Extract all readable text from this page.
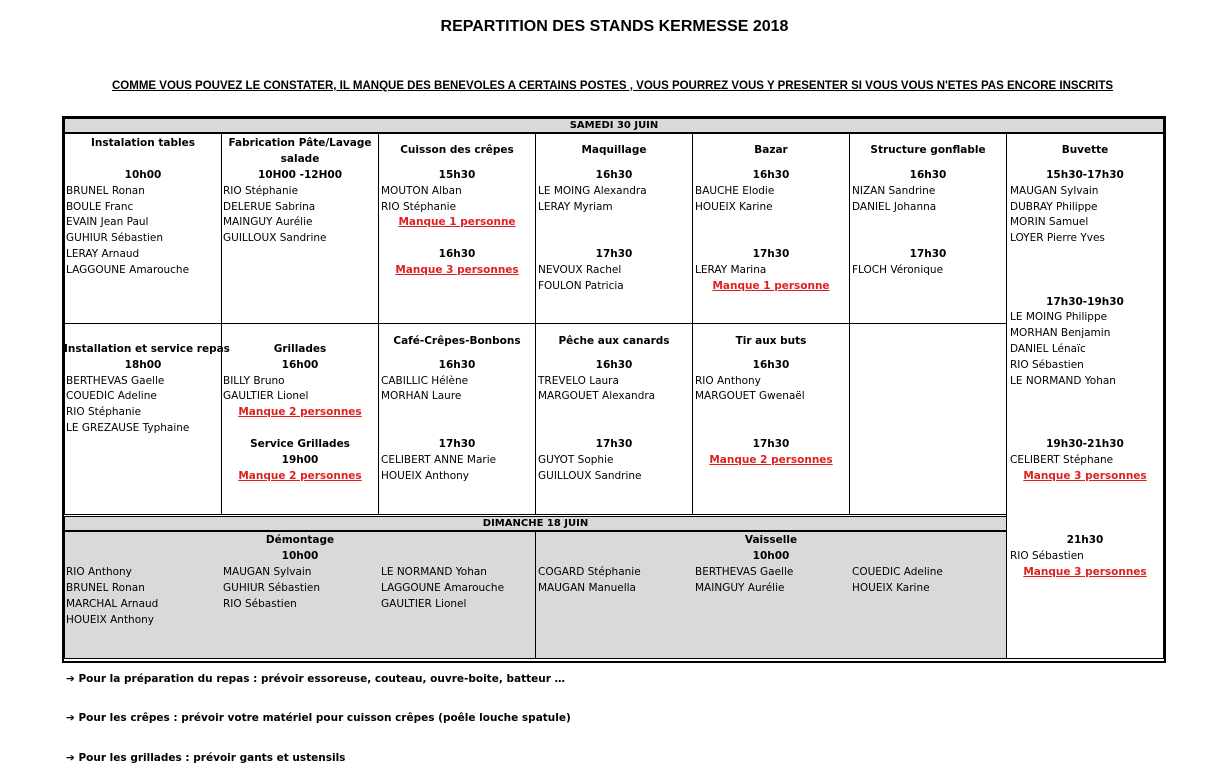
REPARTITION DES STANDS KERMESSE 2018
COMME VOUS POUVEZ LE CONSTATER, IL MANQUE DES BENEVOLES A CERTAINS POSTES , VOUS POURREZ VOUS Y PRESENTER SI VOUS VOUS N'ETES PAS ENCORE INSCRITS
SAMEDI 30 JUIN
DIMANCHE 18 JUIN
Instalation tables
10h00
BRUNEL Ronan
BOULE Franc
EVAIN Jean Paul
GUHIUR Sébastien
LERAY Arnaud
LAGGOUNE Amarouche
Fabrication Pâte/Lavage
salade
10H00 -12H00
RIO Stéphanie
DELERUE Sabrina
MAINGUY Aurélie
GUILLOUX Sandrine
Cuisson des crêpes
15h30
MOUTON Alban
RIO Stéphanie
Manque 1 personne
16h30
Manque 3 personnes
Maquillage
16h30
LE MOING Alexandra
LERAY Myriam
17h30
NEVOUX Rachel
FOULON Patricia
Bazar
16h30
BAUCHE Elodie
HOUEIX Karine
17h30
LERAY Marina
Manque 1 personne
Structure gonflable
16h30
NIZAN Sandrine
DANIEL Johanna
17h30
FLOCH Véronique
Buvette
15h30-17h30
MAUGAN Sylvain
DUBRAY Philippe
MORIN Samuel
LOYER Pierre Yves
17h30-19h30
LE MOING Philippe
MORHAN Benjamin
DANIEL Lénaïc
RIO Sébastien
LE NORMAND Yohan
19h30-21h30
CELIBERT Stéphane
Manque 3 personnes
21h30
RIO Sébastien
Manque 3 personnes
Installation et service repas
18h00
BERTHEVAS Gaelle
COUEDIC Adeline
RIO Stéphanie
LE GREZAUSE Typhaine
Grillades
16h00
BILLY Bruno
GAULTIER Lionel
Manque 2 personnes
Service Grillades
19h00
Manque 2 personnes
Café-Crêpes-Bonbons
16h30
CABILLIC Hélène
MORHAN Laure
17h30
CELIBERT ANNE Marie
HOUEIX Anthony
Pêche aux canards
16h30
TREVELO Laura
MARGOUET Alexandra
17h30
GUYOT Sophie
GUILLOUX Sandrine
Tir aux buts
16h30
RIO Anthony
MARGOUET Gwenaël
17h30
Manque 2 personnes
Démontage
10h00
RIO Anthony
BRUNEL Ronan
MARCHAL Arnaud
HOUEIX Anthony
MAUGAN Sylvain
GUHIUR Sébastien
RIO Sébastien
LE NORMAND Yohan
LAGGOUNE Amarouche
GAULTIER Lionel
Vaisselle
10h00
COGARD Stéphanie
MAUGAN Manuella
BERTHEVAS Gaelle
MAINGUY Aurélie
COUEDIC Adeline
HOUEIX Karine
➔ Pour la préparation du repas : prévoir essoreuse, couteau, ouvre-boite, batteur …
➔ Pour les crêpes : prévoir votre matériel pour cuisson crêpes (poêle louche spatule)
➔ Pour les grillades : prévoir gants et ustensils
